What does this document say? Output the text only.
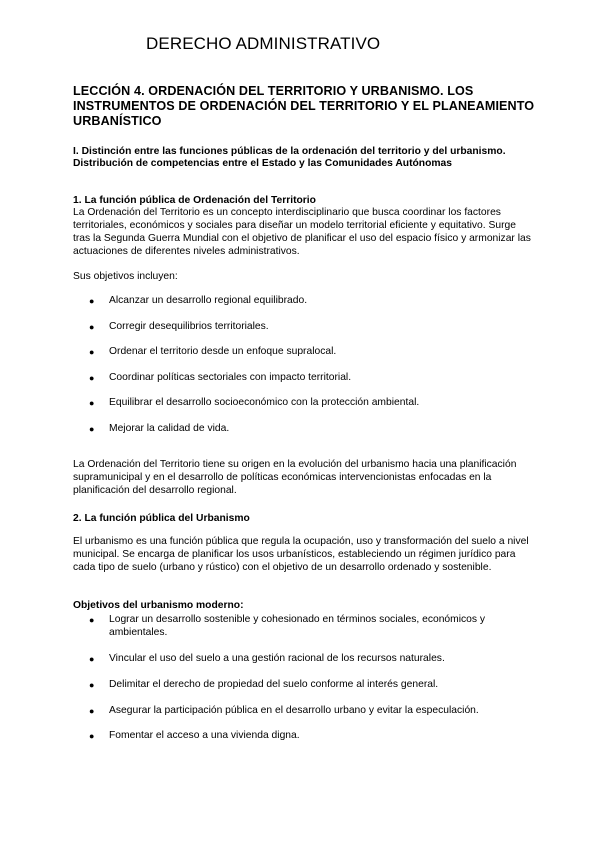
DERECHO ADMINISTRATIVO
LECCIÓN 4. ORDENACIÓN DEL TERRITORIO Y URBANISMO. LOS INSTRUMENTOS DE ORDENACIÓN DEL TERRITORIO Y EL PLANEAMIENTO URBANÍSTICO
I. Distinción entre las funciones públicas de la ordenación del territorio y del urbanismo. Distribución de competencias entre el Estado y las Comunidades Autónomas
1. La función pública de Ordenación del Territorio
La Ordenación del Territorio es un concepto interdisciplinario que busca coordinar los factores territoriales, económicos y sociales para diseñar un modelo territorial eficiente y equitativo. Surge tras la Segunda Guerra Mundial con el objetivo de planificar el uso del espacio físico y armonizar las actuaciones de diferentes niveles administrativos.
Sus objetivos incluyen:
● Alcanzar un desarrollo regional equilibrado.
● Corregir desequilibrios territoriales.
● Ordenar el territorio desde un enfoque supralocal.
● Coordinar políticas sectoriales con impacto territorial.
● Equilibrar el desarrollo socioeconómico con la protección ambiental.
● Mejorar la calidad de vida.
La Ordenación del Territorio tiene su origen en la evolución del urbanismo hacia una planificación supramunicipal y en el desarrollo de políticas económicas intervencionistas enfocadas en la planificación del desarrollo regional.
2. La función pública del Urbanismo
El urbanismo es una función pública que regula la ocupación, uso y transformación del suelo a nivel municipal. Se encarga de planificar los usos urbanísticos, estableciendo un régimen jurídico para cada tipo de suelo (urbano y rústico) con el objetivo de un desarrollo ordenado y sostenible.
Objetivos del urbanismo moderno:
● Lograr un desarrollo sostenible y cohesionado en términos sociales, económicos y ambientales.
● Vincular el uso del suelo a una gestión racional de los recursos naturales.
● Delimitar el derecho de propiedad del suelo conforme al interés general.
● Asegurar la participación pública en el desarrollo urbano y evitar la especulación.
● Fomentar el acceso a una vivienda digna.
